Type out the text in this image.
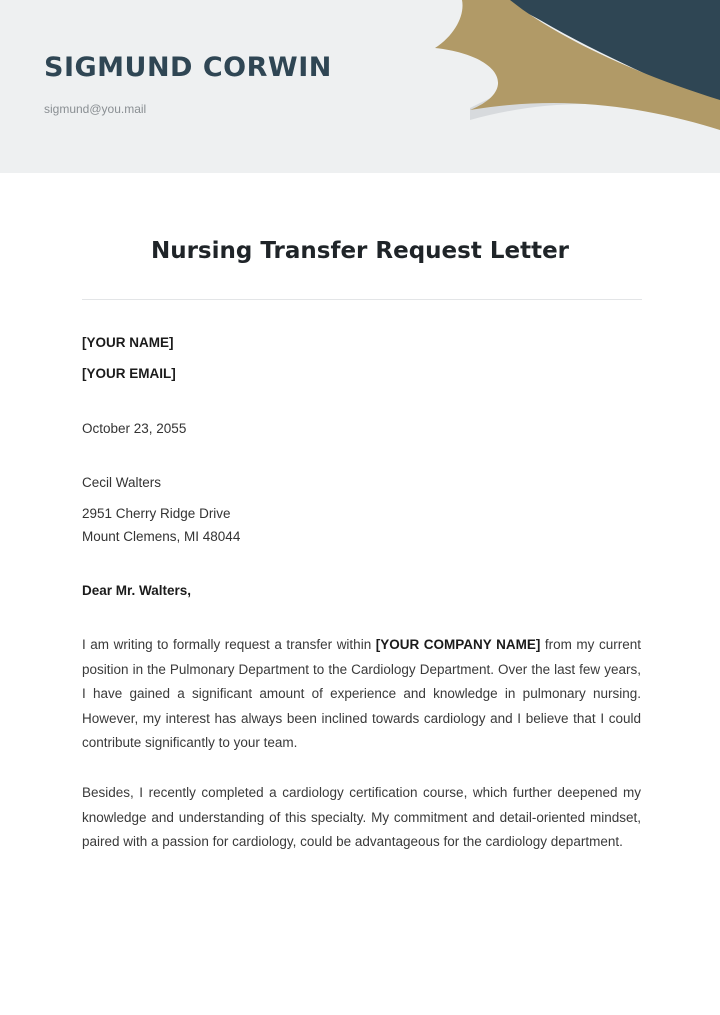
SIGMUND CORWIN
sigmund@you.mail
Nursing Transfer Request Letter
[YOUR NAME]
[YOUR EMAIL]
October 23, 2055
Cecil Walters
2951 Cherry Ridge Drive
Mount Clemens, MI 48044
Dear Mr. Walters,

I am writing to formally request a transfer within [YOUR COMPANY NAME] from my current position in the Pulmonary Department to the Cardiology Department. Over the last few years, I have gained a significant amount of experience and knowledge in pulmonary nursing. However, my interest has always been inclined towards cardiology and I believe that I could contribute significantly to your team.

Besides, I recently completed a cardiology certification course, which further deepened my knowledge and understanding of this specialty. My commitment and detail-oriented mindset, paired with a passion for cardiology, could be advantageous for the cardiology department.
